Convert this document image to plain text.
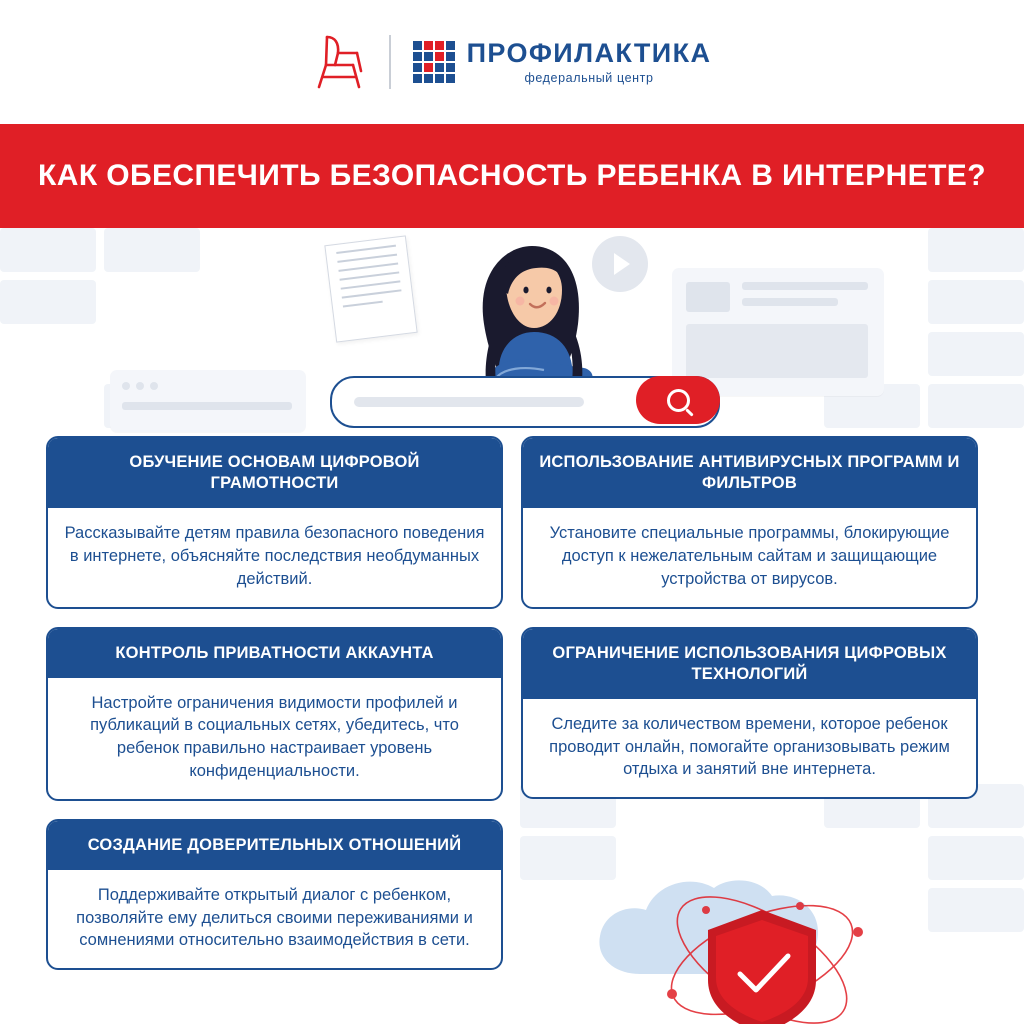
ПРОФИЛАКТИКА
федеральный центр
КАК ОБЕСПЕЧИТЬ БЕЗОПАСНОСТЬ РЕБЕНКА В ИНТЕРНЕТЕ?
ОБУЧЕНИЕ ОСНОВАМ ЦИФРОВОЙ ГРАМОТНОСТИ
Рассказывайте детям правила безопасного поведения в интернете, объясняйте последствия необдуманных действий.
ИСПОЛЬЗОВАНИЕ АНТИВИРУСНЫХ ПРОГРАММ И ФИЛЬТРОВ
Установите специальные программы, блокирующие доступ к нежелательным сайтам и защищающие устройства от вирусов.
КОНТРОЛЬ ПРИВАТНОСТИ АККАУНТА
Настройте ограничения видимости профилей и публикаций в социальных сетях, убедитесь, что ребенок правильно настраивает уровень конфиденциальности.
ОГРАНИЧЕНИЕ ИСПОЛЬЗОВАНИЯ ЦИФРОВЫХ ТЕХНОЛОГИЙ
Следите за количеством времени, которое ребенок проводит онлайн, помогайте организовывать режим отдыха и занятий вне интернета.
СОЗДАНИЕ ДОВЕРИТЕЛЬНЫХ ОТНОШЕНИЙ
Поддерживайте открытый диалог с ребенком, позволяйте ему делиться своими переживаниями и сомнениями относительно взаимодействия в сети.
